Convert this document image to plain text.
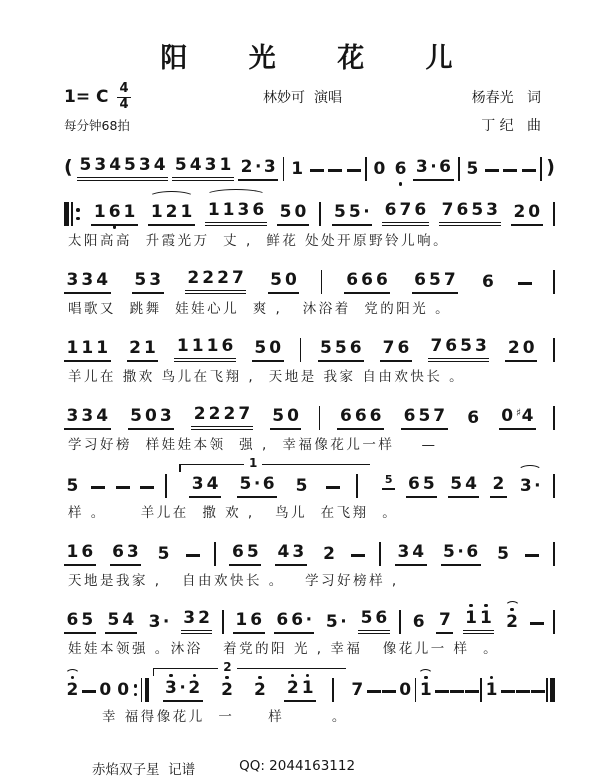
阳 光 花 儿
1= C $\frac{4}{4}$	林妙可  演唱	杨春光   词
每分钟68拍	丁 纪   曲
( 5 3 4 5 3 4 5 4 3 1 2 · 3 1	0 6 3 · 6 5	)
1 6 1 1 2 1 1 1 3 6 5 0 5 5 · 6 7 6 7 6 5 3 2 0
太阳高高  升霞光万  丈 ,  鲜花 处处开原野铃儿响。
3 3 4 5 3 2 2 2 7 5 0	6 6 6 6 5 7 6
唱歌又  跳舞  娃娃心儿  爽 ,   沐浴着  党的阳光 。
1 1 1 2 1 1 1 1 6 5 0 5 5 6 7 6 7 6 5 3 2 0
羊儿在 撒欢 鸟儿在飞翔 ,  天地是 我家 自由欢快长 。
3 3 4 5 0 3 2 2 2 7 5 0 6 6 6 6 5 7 6 0 ♯4
学习好榜  样娃娃本领  强 ,  幸福像花儿一样    —
5
1
3 4 5 · 6 5	5 6 5 5 4 2 3 ·
样 。     羊儿在  撒 欢 ,   鸟儿  在飞翔  。
1 6 6 3 5	6 5 4 3 2	3 4 5 · 6 5
天地是我家 ,   自由欢快长 。   学习好榜样 ,
6 5 5 4 3 · 3 2 1 6 6 6 · 5 · 5 6 6 7 1 1 2
娃娃本领强 。沐浴   着党的阳 光 , 幸福   像花儿一 样  。
2 0 0
2
3 · 2 2 2 2 1 7 0 1	1
幸 福得像花儿  一     样       。
赤焰双子星  记谱	QQ: 2044163112
